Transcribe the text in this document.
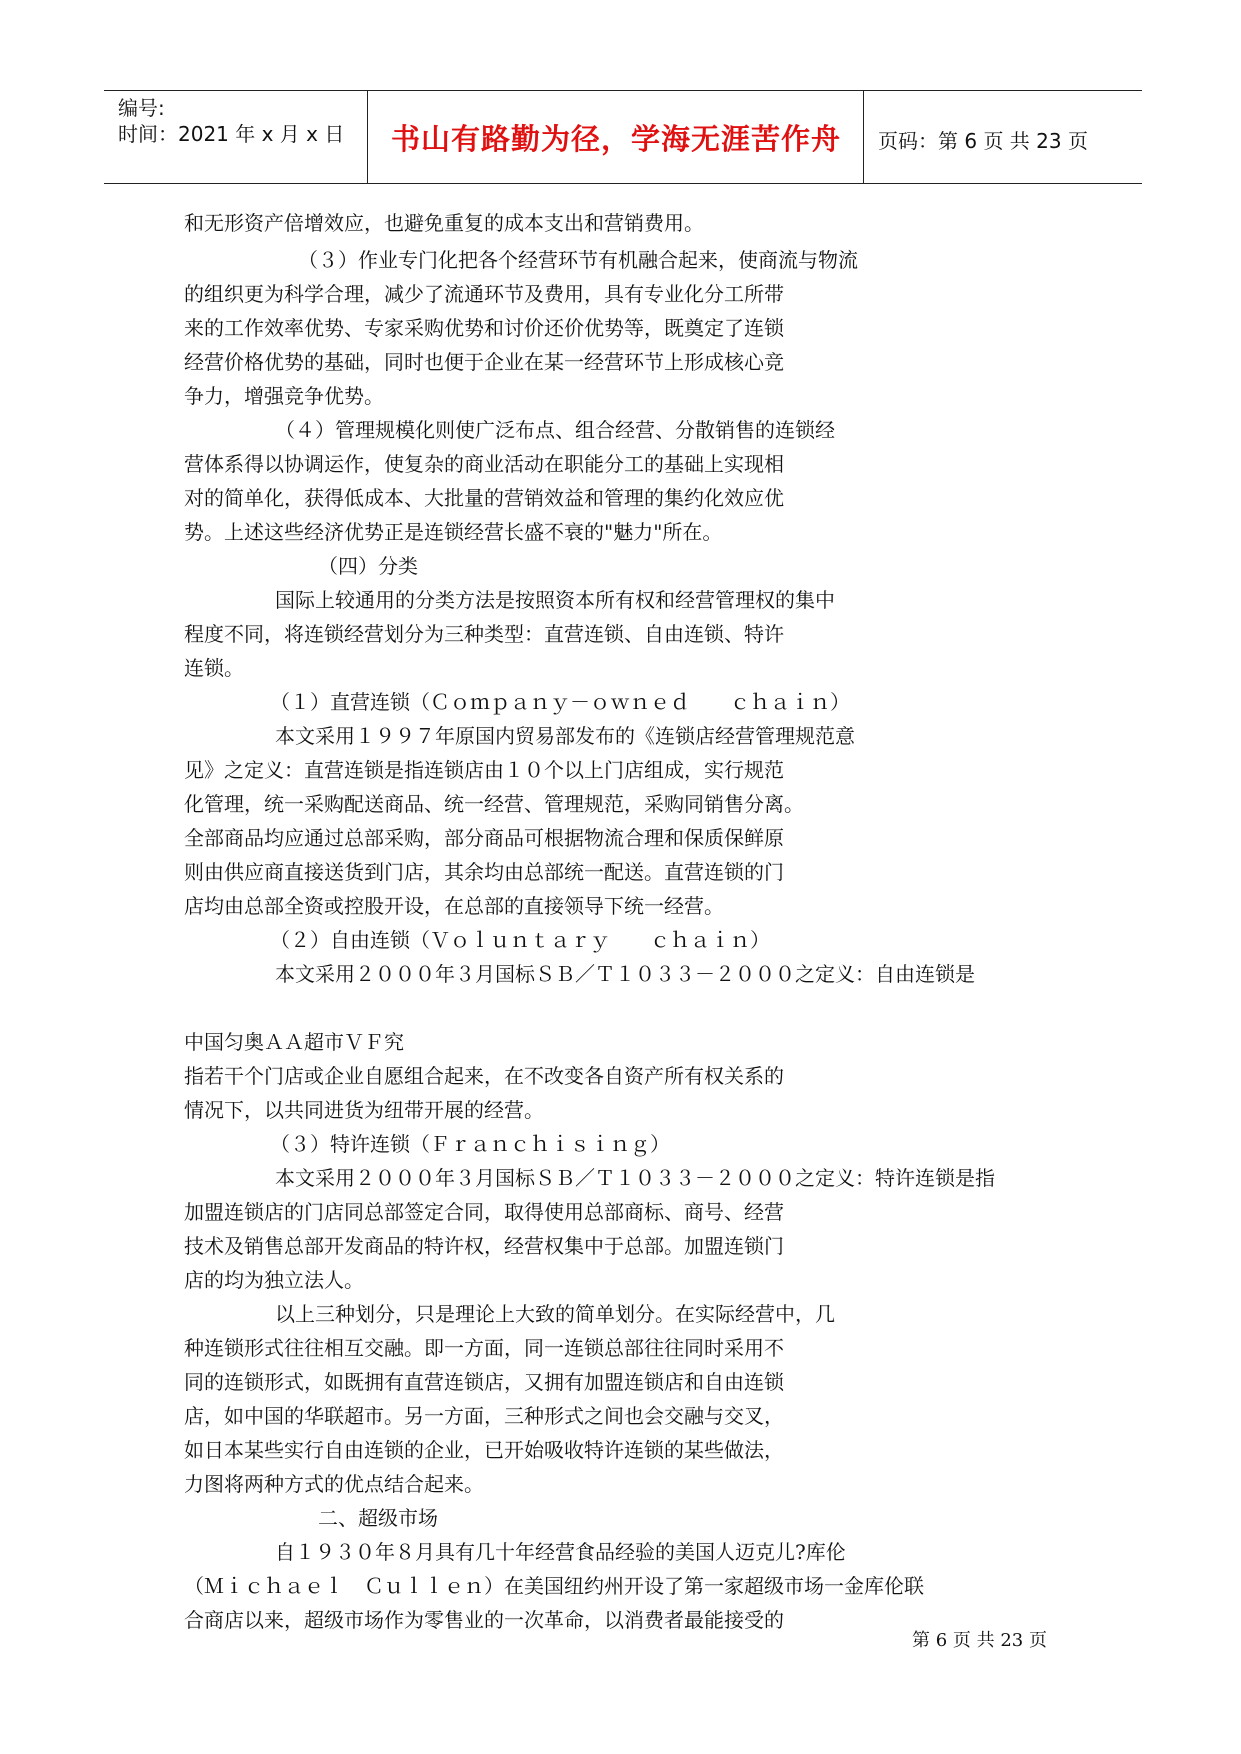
编号:
时间：2021 年 x 月 x 日	书山有路勤为径，学海无涯苦作舟	页码：第 6 页 共 23 页
和无形资产倍增效应，也避免重复的成本支出和营销费用。
（３）作业专门化把各个经营环节有机融合起来，使商流与物流
的组织更为科学合理，减少了流通环节及费用，具有专业化分工所带
来的工作效率优势、专家采购优势和讨价还价优势等，既奠定了连锁
经营价格优势的基础，同时也便于企业在某一经营环节上形成核心竞
争力，增强竞争优势。
（４）管理规模化则使广泛布点、组合经营、分散销售的连锁经
营体系得以协调运作，使复杂的商业活动在职能分工的基础上实现相
对的简单化，获得低成本、大批量的营销效益和管理的集约化效应优
势。上述这些经济优势正是连锁经营长盛不衰的"魅力"所在。
（四）分类
国际上较通用的分类方法是按照资本所有权和经营管理权的集中
程度不同，将连锁经营划分为三种类型：直营连锁、自由连锁、特许
连锁。
（１）直营连锁（Ｃｏｍｐａｎｙ－ｏｗｎｅｄ　　ｃｈａｉｎ）
本文采用１９９７年原国内贸易部发布的《连锁店经营管理规范意
见》之定义：直营连锁是指连锁店由１０个以上门店组成，实行规范
化管理，统一采购配送商品、统一经营、管理规范，采购同销售分离。
全部商品均应通过总部采购，部分商品可根据物流合理和保质保鲜原
则由供应商直接送货到门店，其余均由总部统一配送。直营连锁的门
店均由总部全资或控股开设，在总部的直接领导下统一经营。
（２）自由连锁（Ｖｏｌｕｎｔａｒｙ　　ｃｈａｉｎ）
本文采用２０００年３月国标ＳＢ／Ｔ１０３３－２０００之定义：自由连锁是
中国匀奥ＡＡ超市ＶＦ究
指若干个门店或企业自愿组合起来，在不改变各自资产所有权关系的
情况下，以共同进货为纽带开展的经营。
（３）特许连锁（Ｆｒａｎｃｈｉｓｉｎｇ）
本文采用２０００年３月国标ＳＢ／Ｔ１０３３－２０００之定义：特许连锁是指
加盟连锁店的门店同总部签定合同，取得使用总部商标、商号、经营
技术及销售总部开发商品的特许权，经营权集中于总部。加盟连锁门
店的均为独立法人。
以上三种划分，只是理论上大致的简单划分。在实际经营中，几
种连锁形式往往相互交融。即一方面，同一连锁总部往往同时采用不
同的连锁形式，如既拥有直营连锁店，又拥有加盟连锁店和自由连锁
店，如中国的华联超市。另一方面，三种形式之间也会交融与交叉，
如日本某些实行自由连锁的企业，已开始吸收特许连锁的某些做法，
力图将两种方式的优点结合起来。
二、超级市场
自１９３０年８月具有几十年经营食品经验的美国人迈克儿?库伦
（Ｍｉｃｈａｅｌ　Ｃｕｌｌｅｎ）在美国纽约州开设了第一家超级市场一金库伦联
合商店以来，超级市场作为零售业的一次革命，以消费者最能接受的
第 6 页 共 23 页
